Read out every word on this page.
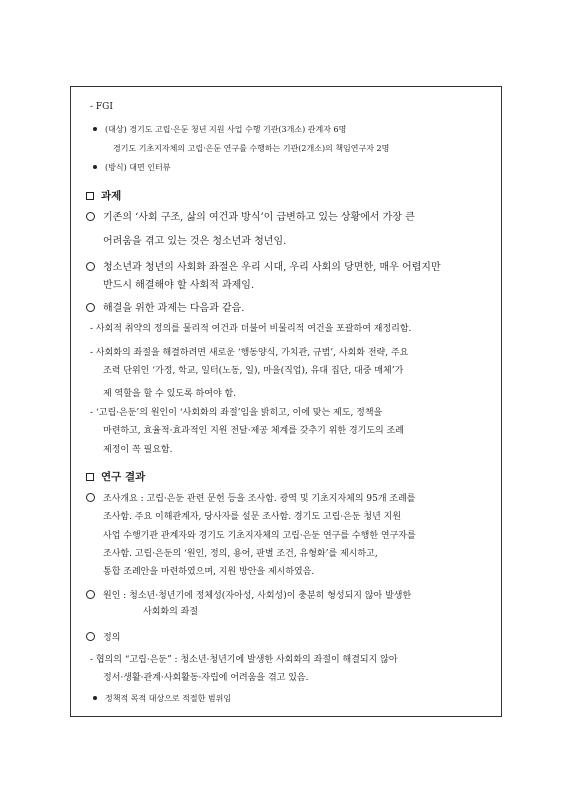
- FGI
(대상) 경기도 고립·은둔 청년 지원 사업 수행 기관(3개소) 관계자 6명
경기도 기초지자체의 고립·은둔 연구를 수행하는 기관(2개소)의 책임연구자 2명
(방식) 대면 인터뷰
과제
기존의 ‘사회 구조, 삶의 여건과 방식’이 급변하고 있는 상황에서 가장 큰
어려움을 겪고 있는 것은 청소년과 청년임.
청소년과 청년의 사회화 좌절은 우리 시대, 우리 사회의 당면한, 매우 어렵지만
반드시 해결해야 할 사회적 과제임.
해결을 위한 과제는 다음과 같음.
- 사회적 취약의 정의를 물리적 여건과 더불어 비물리적 여건을 포괄하여 재정리함.
- 사회화의 좌절을 해결하려면 새로운 ‘행동양식, 가치관, 규범’, 사회화 전략, 주요
조력 단위인 ‘가정, 학교, 일터(노동, 일), 마을(직업), 유대 집단, 대중 매체’가
제 역할을 할 수 있도록 하여야 함.
- ‘고립·은둔’의 원인이 ‘사회화의 좌절’임을 밝히고, 이에 맞는 제도, 정책을
마련하고, 효율적·효과적인 지원 전달·제공 체계를 갖추기 위한 경기도의 조례
제정이 꼭 필요함.
연구 결과
조사개요 : 고립·은둔 관련 문헌 등을 조사함. 광역 및 기초지자체의 95개 조례를
조사함. 주요 이해관계자, 당사자를 설문 조사함. 경기도 고립·은둔 청년 지원
사업 수행기관 관계자와 경기도 기초지자체의 고립·은둔 연구를 수행한 연구자를
조사함. 고립·은둔의 ‘원인, 정의, 용어, 판별 조건, 유형화’를 제시하고,
통합 조례안을 마련하였으며, 지원 방안을 제시하였음.
원인 : 청소년·청년기에 정체성(자아성, 사회성)이 충분히 형성되지 않아 발생한
사회화의 좌절
정의
- 협의의 “고립·은둔” : 청소년·청년기에 발생한 사회화의 좌절이 해결되지 않아
정서·생활·관계·사회활동·자립에 어려움을 겪고 있음.
정책적 목적 대상으로 적절한 범위임
